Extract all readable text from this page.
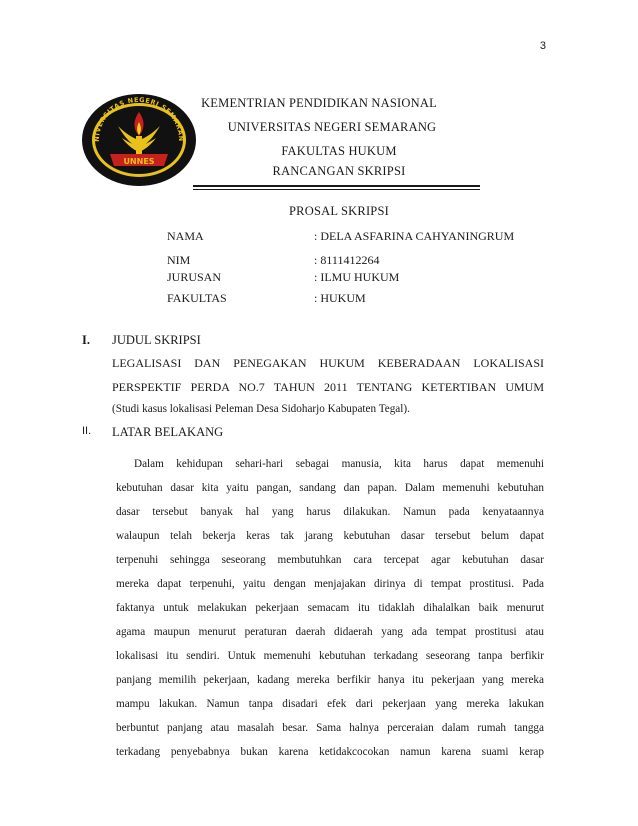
3
NIVERSITAS NEGERI SEMARAN
UNNES
KEMENTRIAN PENDIDIKAN NASIONAL
UNIVERSITAS NEGERI SEMARANG
FAKULTAS HUKUM
RANCANGAN SKRIPSI
PROSAL SKRIPSI
NAMA	: DELA ASFARINA CAHYANINGRUM
NIM	: 8111412264
JURUSAN	: ILMU HUKUM
FAKULTAS	: HUKUM
I. JUDUL SKRIPSI
LEGALISASI DAN PENEGAKAN HUKUM KEBERADAAN LOKALISASI
PERSPEKTIF PERDA NO.7 TAHUN 2011 TENTANG KETERTIBAN UMUM
(Studi kasus lokalisasi Peleman Desa Sidoharjo Kabupaten Tegal).
II. LATAR BELAKANG
Dalam kehidupan sehari-hari sebagai manusia, kita harus dapat memenuhi
kebutuhan dasar kita yaitu pangan, sandang dan papan. Dalam memenuhi kebutuhan
dasar tersebut banyak hal yang harus dilakukan. Namun pada kenyataannya
walaupun telah bekerja keras tak jarang kebutuhan dasar tersebut belum dapat
terpenuhi sehingga seseorang membutuhkan cara tercepat agar kebutuhan dasar
mereka dapat terpenuhi, yaitu dengan menjajakan dirinya di tempat prostitusi. Pada
faktanya untuk melakukan pekerjaan semacam itu tidaklah dihalalkan baik menurut
agama maupun menurut peraturan daerah didaerah yang ada tempat prostitusi atau
lokalisasi itu sendiri. Untuk memenuhi kebutuhan terkadang seseorang tanpa berfikir
panjang memilih pekerjaan, kadang mereka berfikir hanya itu pekerjaan yang mereka
mampu lakukan. Namun tanpa disadari efek dari pekerjaan yang mereka lakukan
berbuntut panjang atau masalah besar. Sama halnya perceraian dalam rumah tangga
terkadang penyebabnya bukan karena ketidakcocokan namun karena suami kerap
